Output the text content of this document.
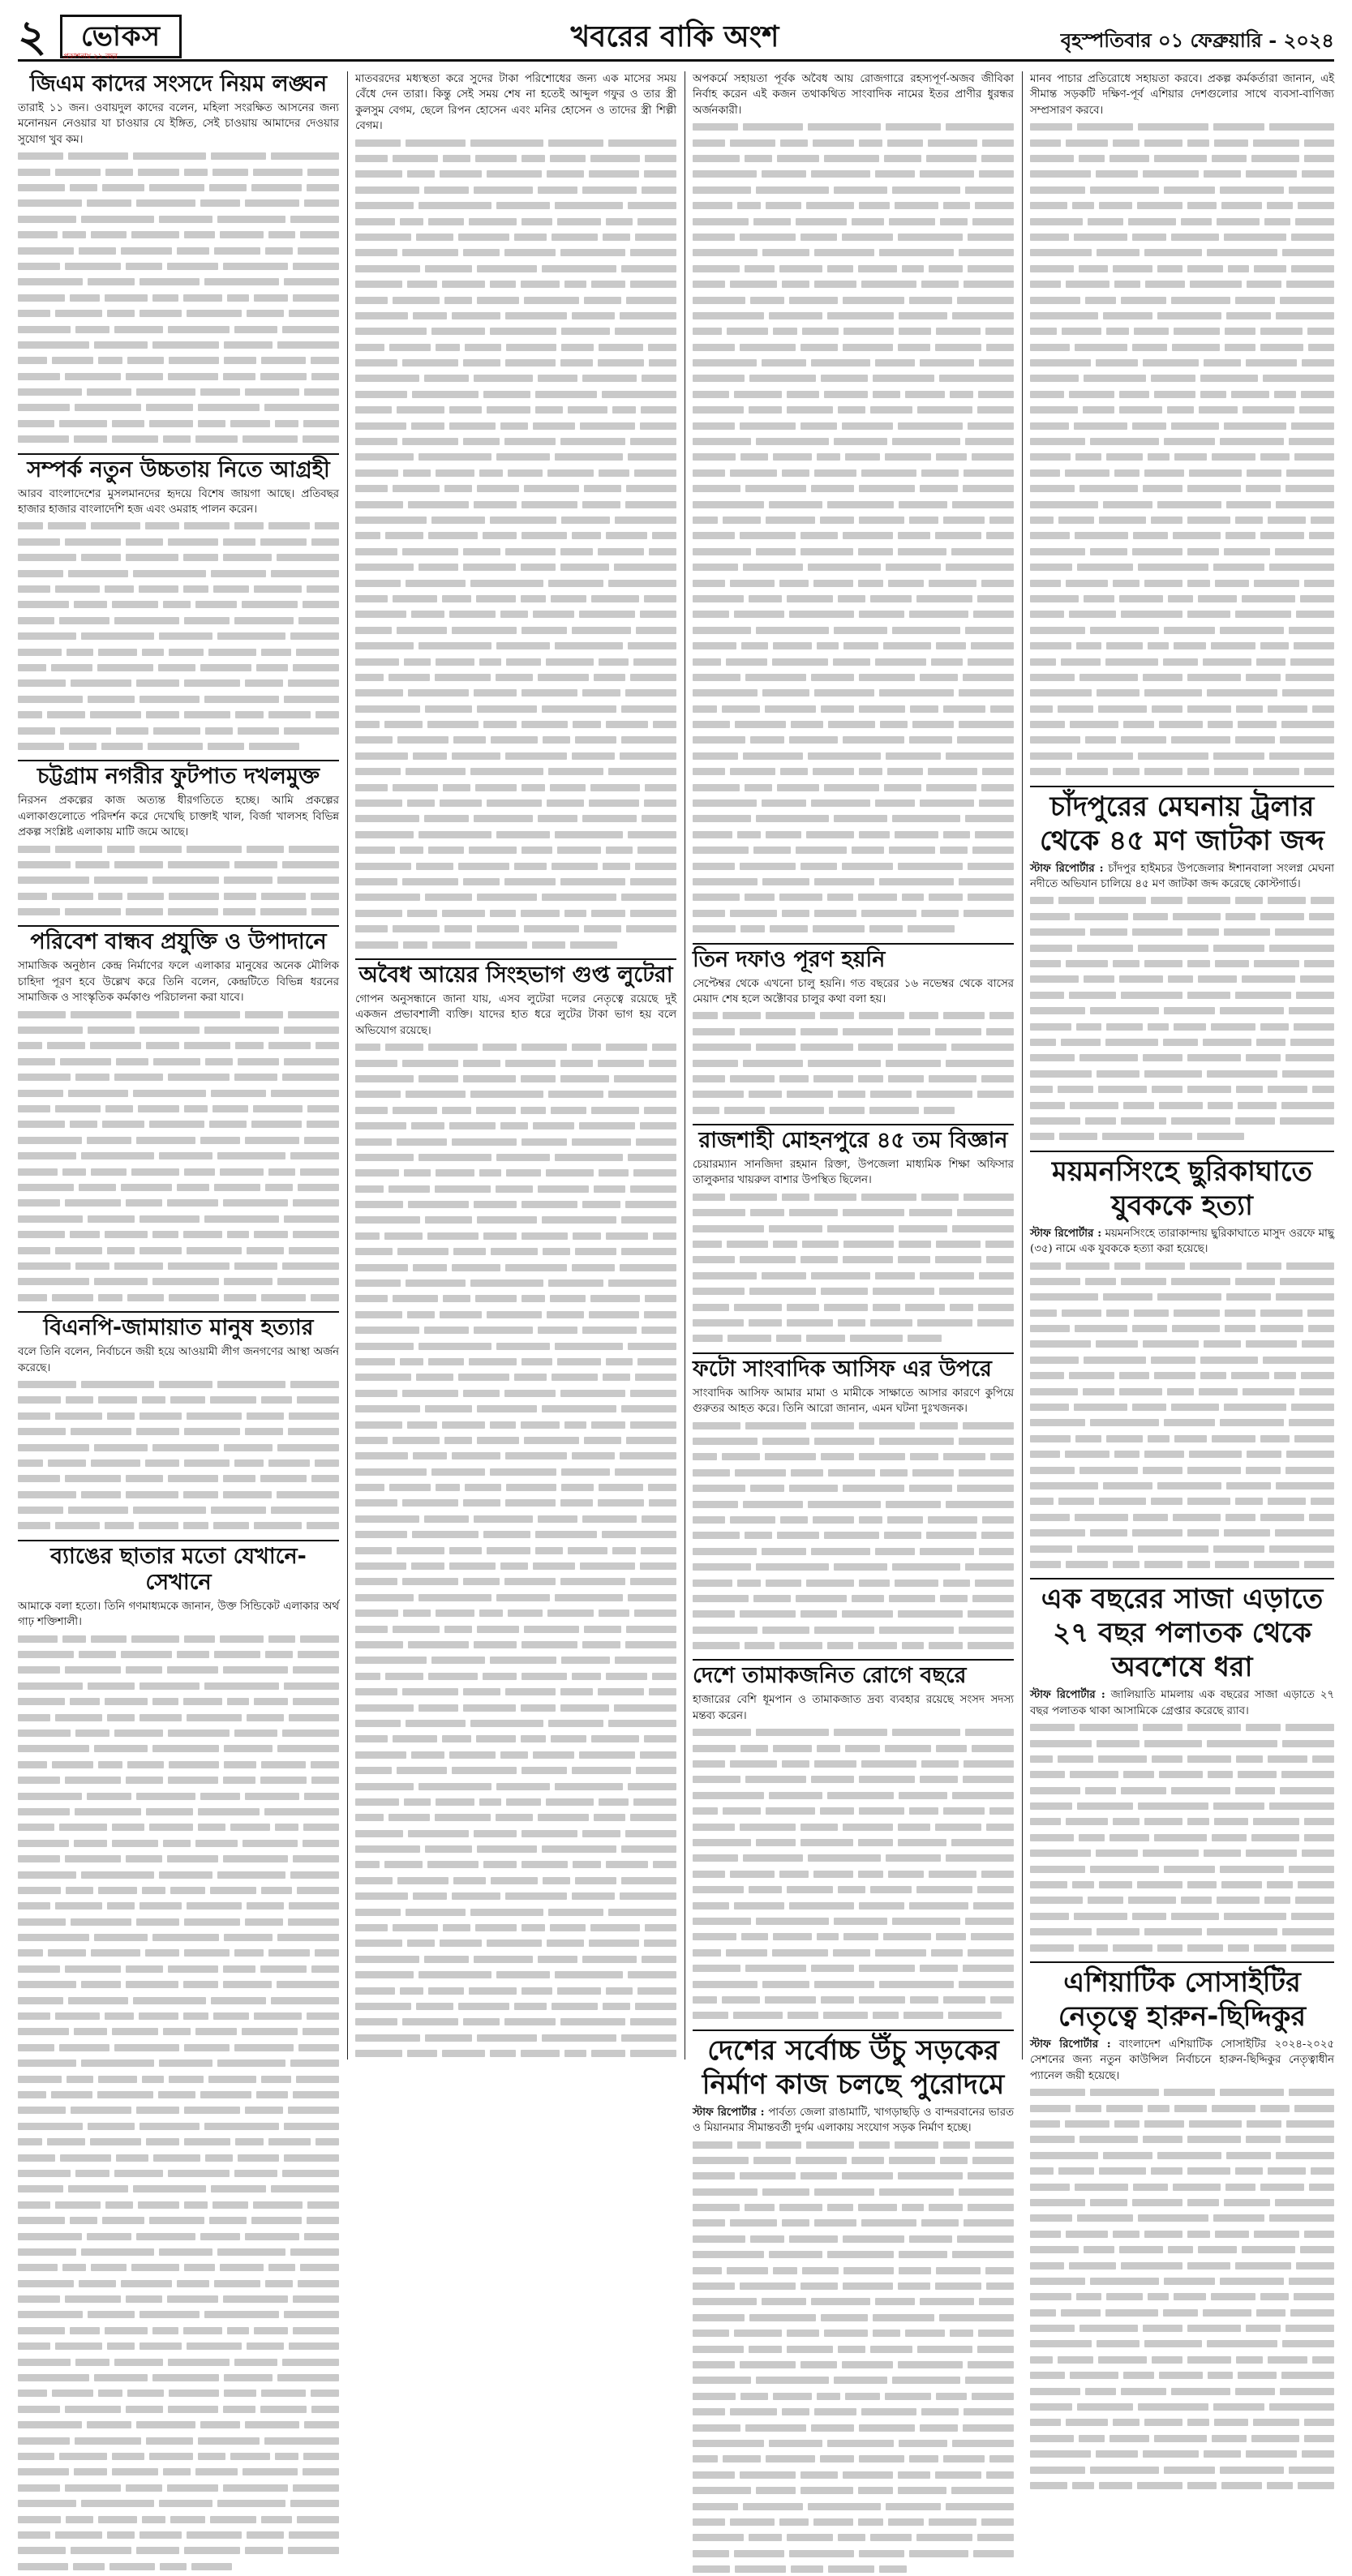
২	ভোকস
প্রকাশনায় ২১ বছর
খবরের বাকি অংশ	বৃহস্পতিবার ০১ ফেব্রুয়ারি - ২০২৪
জিএম কাদের সংসদে নিয়ম লঙ্ঘন

তারাই ১১ জন। ওবায়দুল কাদের বলেন, মহিলা সংরক্ষিত আসনের জন্য মনোনয়ন নেওয়ার যা চাওয়ার যে ইঙ্গিত, সেই চাওয়ায় আমাদের দেওয়ার সুযোগ খুব কম।

সম্পর্ক নতুন উচ্চতায় নিতে আগ্রহী

আরব বাংলাদেশের মুসলমানদের হৃদয়ে বিশেষ জায়গা আছে। প্রতিবছর হাজার হাজার বাংলাদেশি হজ এবং ওমরাহ পালন করেন।

চট্টগ্রাম নগরীর ফুটপাত দখলমুক্ত

নিরসন প্রকল্পের কাজ অত্যন্ত ধীরগতিতে হচ্ছে। আমি প্রকল্পের এলাকাগুলোতে পরিদর্শন করে দেখেছি চাক্তাই খাল, বির্জা খালসহ বিভিন্ন প্রকল্প সংশ্লিষ্ট এলাকায় মাটি জমে আছে।

পরিবেশ বান্ধব প্রযুক্তি ও উপাদানে

সামাজিক অনুষ্ঠান কেন্দ্র নির্মাণের ফলে এলাকার মানুষের অনেক মৌলিক চাহিদা পূরণ হবে উল্লেখ করে তিনি বলেন, কেন্দ্রটিতে বিভিন্ন ধরনের সামাজিক ও সাংস্কৃতিক কর্মকাণ্ড পরিচালনা করা যাবে।

বিএনপি-জামায়াত মানুষ হত্যার

বলে তিনি বলেন, নির্বাচনে জয়ী হয়ে আওয়ামী লীগ জনগণের আস্থা অর্জন করেছে।

ব্যাঙের ছাতার মতো যেখানে-সেখানে

আমাকে বলা হতো। তিনি গণমাধ্যমকে জানান, উক্ত সিন্ডিকেট এলাকার অর্থ গাঢ় শক্তিশালী।

মাতবরদের মধ্যস্থতা করে সুদের টাকা পরিশোধের জন্য এক মাসের সময় বেঁধে দেন তারা। কিন্তু সেই সময় শেষ না হতেই আব্দুল গফুর ও তার স্ত্রী কুলসুম বেগম, ছেলে রিপন হোসেন এবং মনির হোসেন ও তাদের স্ত্রী শিল্পী বেগম।

অবৈধ আয়ের সিংহভাগ গুপ্ত লুটেরা

গোপন অনুসন্ধানে জানা যায়, এসব লুটেরা দলের নেতৃত্বে রয়েছে দুই একজন প্রভাবশালী ব্যক্তি। যাদের হাত ধরে লুটের টাকা ভাগ হয় বলে অভিযোগ রয়েছে।

অপকর্মে সহায়তা পূর্বক অবৈধ আয় রোজগারে রহস্যপূর্ণ-অজব জীবিকা নির্বাহ করেন এই কজন তথাকথিত সাংবাদিক নামের ইতর প্রাণীর ধুরন্ধর অর্জনকারী।

তিন দফাও পূরণ হয়নি

সেপ্টেম্বর থেকে এখনো চালু হয়নি। গত বছরের ১৬ নভেম্বর থেকে বাসের মেয়াদ শেষ হলে অক্টোবর চালুর কথা বলা হয়।

রাজশাহী মোহনপুরে ৪৫ তম বিজ্ঞান

চেয়ারম্যান সানজিদা রহমান রিক্তা, উপজেলা মাধ্যমিক শিক্ষা অফিসার তালুকদার খায়রুল বাশার উপস্থিত ছিলেন।

ফটো সাংবাদিক আসিফ এর উপরে

সাংবাদিক আসিফ আমার মামা ও মামীকে সাক্ষাতে আসার কারণে কুপিয়ে গুরুতর আহত করে। তিনি আরো জানান, এমন ঘটনা দুঃখজনক।

দেশে তামাকজনিত রোগে বছরে

হাজারের বেশি ধূমপান ও তামাকজাত দ্রব্য ব্যবহার রয়েছে সংসদ সদস্য মন্তব্য করেন।

দেশের সর্বোচ্চ উঁচু সড়কের নির্মাণ কাজ চলছে পুরোদমে

স্টাফ রিপোর্টার : পার্বত্য জেলা রাঙামাটি, খাগড়াছড়ি ও বান্দরবানের ভারত ও মিয়ানমার সীমান্তবর্তী দুর্গম এলাকায় সংযোগ সড়ক নির্মাণ হচ্ছে।

মানব পাচার প্রতিরোধে সহায়তা করবে। প্রকল্প কর্মকর্তারা জানান, এই সীমান্ত সড়কটি দক্ষিণ-পূর্ব এশিয়ার দেশগুলোর সাথে ব্যবসা-বাণিজ্য সম্প্রসারণ করবে।

চাঁদপুরের মেঘনায় ট্রলার থেকে ৪৫ মণ জাটকা জব্দ

স্টাফ রিপোর্টার : চাঁদপুর হাইমচর উপজেলার ঈশানবালা সংলগ্ন মেঘনা নদীতে অভিযান চালিয়ে ৪৫ মণ জাটকা জব্দ করেছে কোস্টগার্ড।

ময়মনসিংহে ছুরিকাঘাতে যুবককে হত্যা

স্টাফ রিপোর্টার : ময়মনসিংহে তারাকান্দায় ছুরিকাঘাতে মাসুদ ওরফে মাছু (৩৫) নামে এক যুবককে হত্যা করা হয়েছে।

এক বছরের সাজা এড়াতে ২৭ বছর পলাতক থেকে অবশেষে ধরা

স্টাফ রিপোর্টার : জালিয়াতি মামলায় এক বছরের সাজা এড়াতে ২৭ বছর পলাতক থাকা আসামিকে গ্রেপ্তার করেছে র‍্যাব।

এশিয়াটিক সোসাইটির নেতৃত্বে হারুন-ছিদ্দিকুর

স্টাফ রিপোর্টার : বাংলাদেশ এশিয়াটিক সোসাইটির ২০২৪-২০২৫ সেশনের জন্য নতুন কাউন্সিল নির্বাচনে হারুন-ছিদ্দিকুর নেতৃত্বাধীন প্যানেল জয়ী হয়েছে।
